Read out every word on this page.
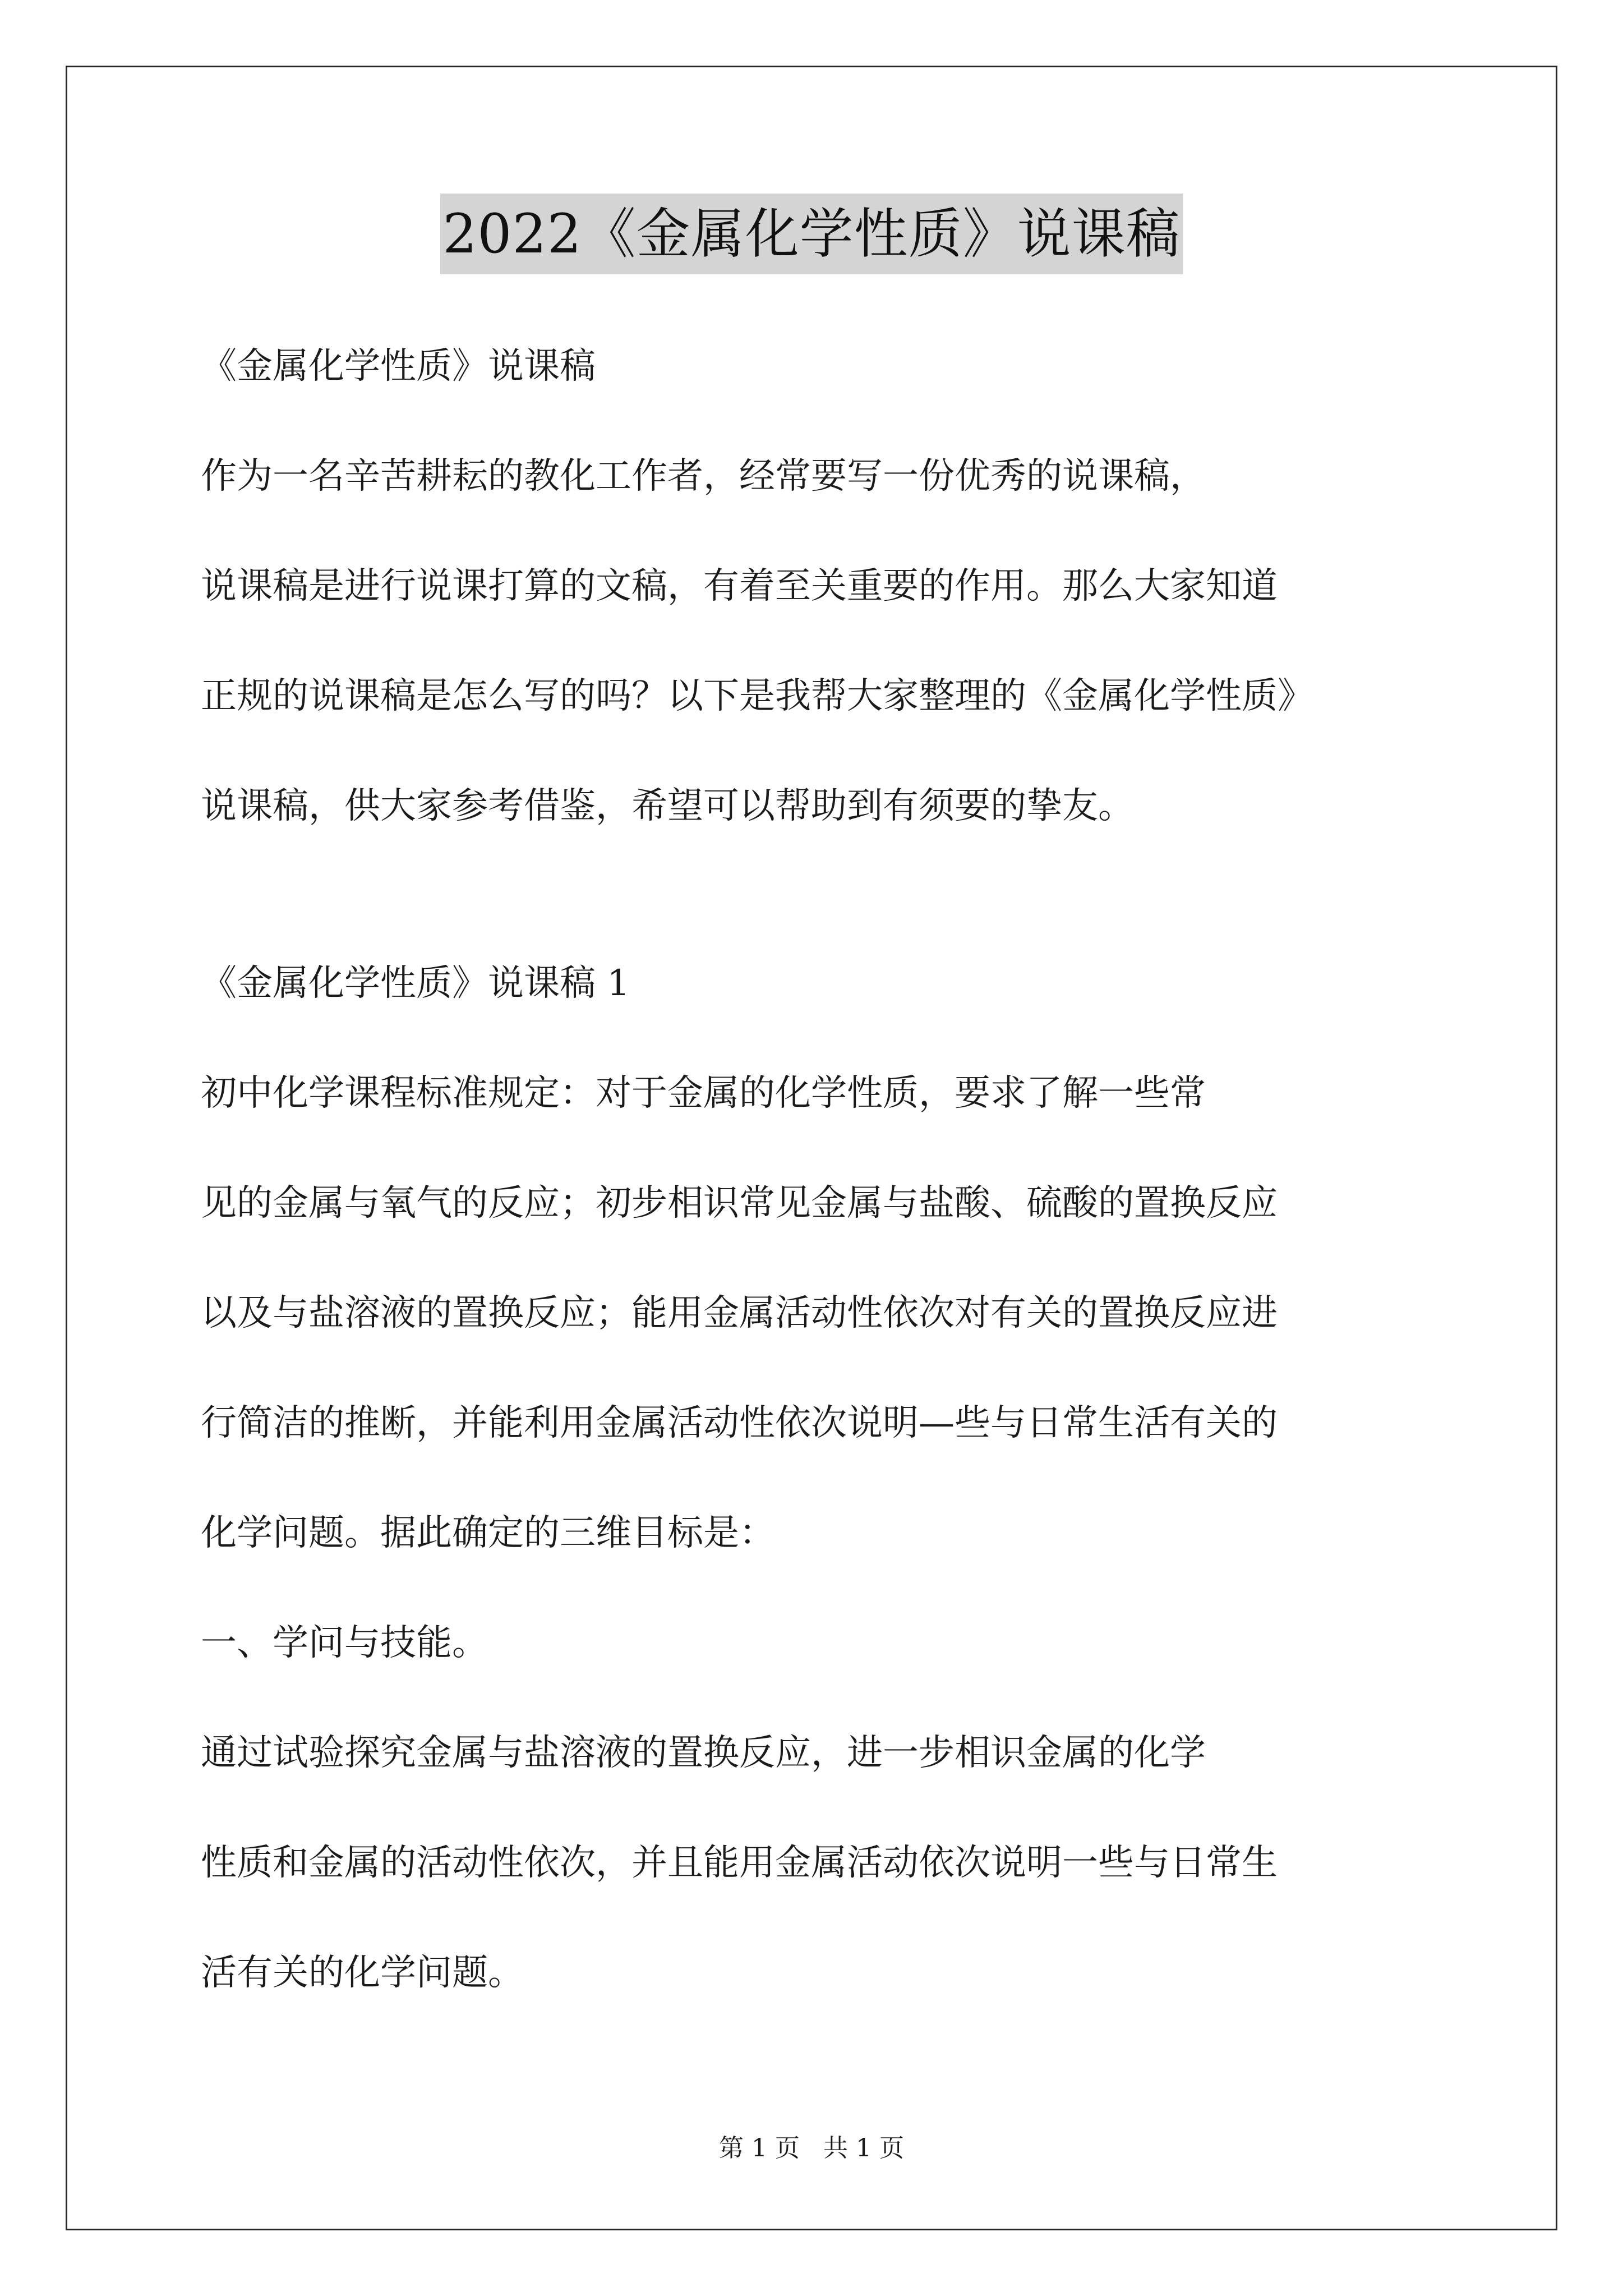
2022《金属化学性质》说课稿

《金属化学性质》说课稿

作为一名辛苦耕耘的教化工作者，经常要写一份优秀的说课稿，

说课稿是进行说课打算的文稿，有着至关重要的作用。那么大家知道

正规的说课稿是怎么写的吗？以下是我帮大家整理的《金属化学性质》

说课稿，供大家参考借鉴，希望可以帮助到有须要的挚友。

《金属化学性质》说课稿 1

初中化学课程标准规定：对于金属的化学性质，要求了解一些常

见的金属与氧气的反应；初步相识常见金属与盐酸、硫酸的置换反应

以及与盐溶液的置换反应；能用金属活动性依次对有关的置换反应进

行简洁的推断，并能利用金属活动性依次说明—些与日常生活有关的

化学问题。据此确定的三维目标是：

一、学问与技能。

通过试验探究金属与盐溶液的置换反应，进一步相识金属的化学

性质和金属的活动性依次，并且能用金属活动依次说明一些与日常生

活有关的化学问题。

第 1 页 共 1 页
